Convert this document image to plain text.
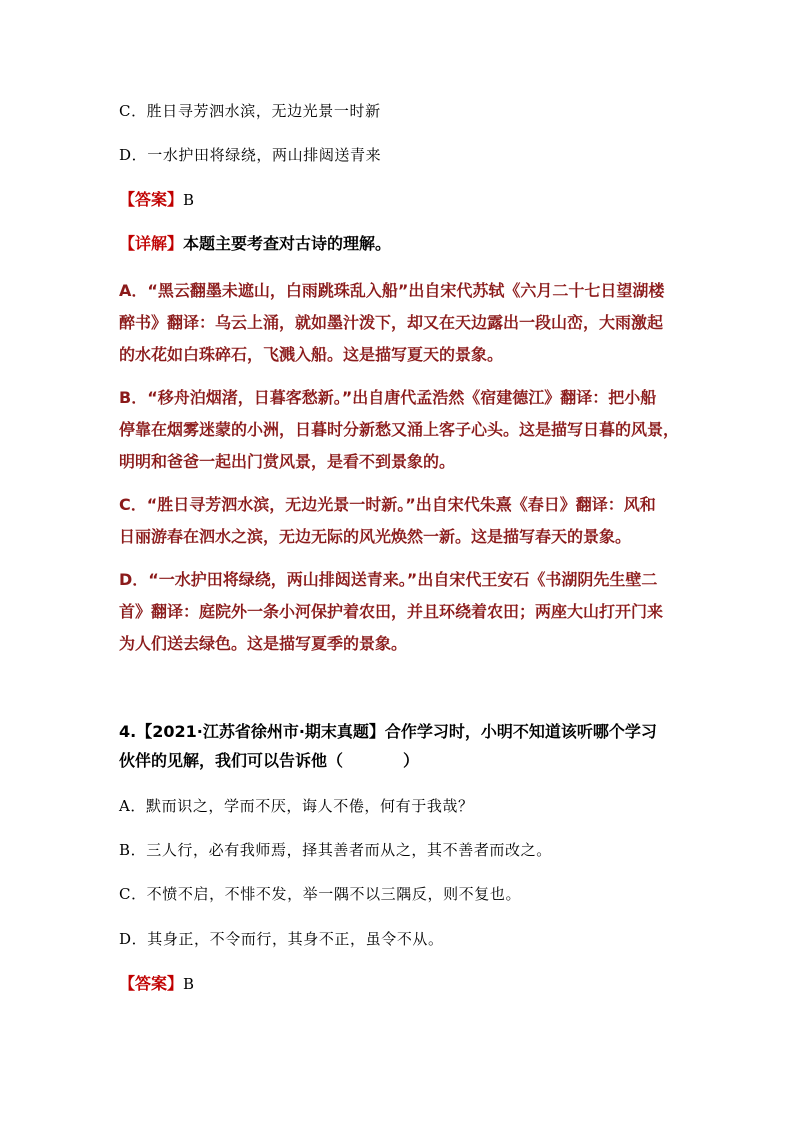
C．胜日寻芳泗水滨，无边光景一时新
D．一水护田将绿绕，两山排闼送青来
【答案】B
【详解】本题主要考查对古诗的理解。
A．“黑云翻墨未遮山，白雨跳珠乱入船”出自宋代苏轼《六月二十七日望湖楼
醉书》翻译：乌云上涌，就如墨汁泼下，却又在天边露出一段山峦，大雨激起
的水花如白珠碎石，飞溅入船。这是描写夏天的景象。
B．“移舟泊烟渚，日暮客愁新。”出自唐代孟浩然《宿建德江》翻译：把小船
停靠在烟雾迷蒙的小洲，日暮时分新愁又涌上客子心头。这是描写日暮的风景，
明明和爸爸一起出门赏风景，是看不到景象的。
C．“胜日寻芳泗水滨，无边光景一时新。”出自宋代朱熹《春日》翻译：风和
日丽游春在泗水之滨，无边无际的风光焕然一新。这是描写春天的景象。
D．“一水护田将绿绕，两山排闼送青来。”出自宋代王安石《书湖阴先生壁二
首》翻译：庭院外一条小河保护着农田，并且环绕着农田；两座大山打开门来
为人们送去绿色。这是描写夏季的景象。
4.【2021·江苏省徐州市·期末真题】合作学习时，小明不知道该听哪个学习
伙伴的见解，我们可以告诉他（	）
A．默而识之，学而不厌，诲人不倦，何有于我哉？
B．三人行，必有我师焉，择其善者而从之，其不善者而改之。
C．不愤不启，不悱不发，举一隅不以三隅反，则不复也。
D．其身正，不令而行，其身不正，虽令不从。
【答案】B
